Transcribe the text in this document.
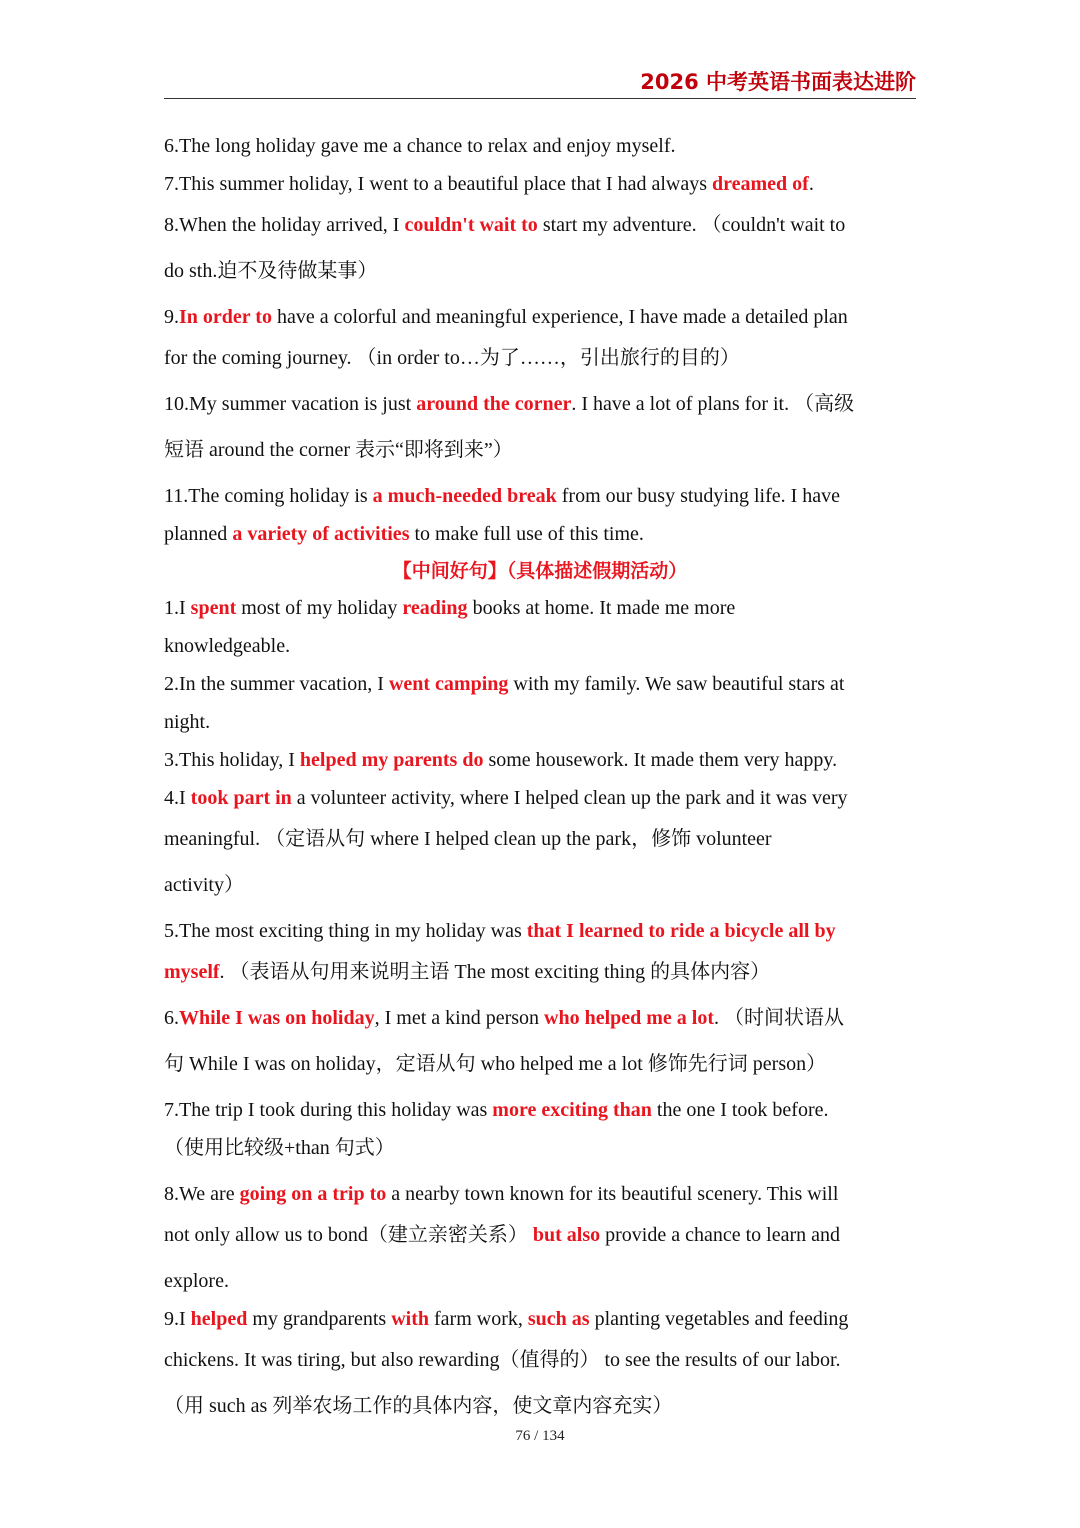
2026 中考英语书面表达进阶
6.The long holiday gave me a chance to relax and enjoy myself.
7.This summer holiday, I went to a beautiful place that I had always dreamed of.
8.When the holiday arrived, I couldn't wait to start my adventure. （couldn't wait to
do sth.迫不及待做某事）
9.In order to have a colorful and meaningful experience, I have made a detailed plan
for the coming journey. （in order to…为了……，引出旅行的目的）
10.My summer vacation is just around the corner. I have a lot of plans for it. （高级
短语 around the corner 表示“即将到来”）
11.The coming holiday is a much-needed break from our busy studying life. I have
planned a variety of activities to make full use of this time.
【中间好句】（具体描述假期活动）
1.I spent most of my holiday reading books at home. It made me more
knowledgeable.
2.In the summer vacation, I went camping with my family. We saw beautiful stars at
night.
3.This holiday, I helped my parents do some housework. It made them very happy.
4.I took part in a volunteer activity, where I helped clean up the park and it was very
meaningful. （定语从句 where I helped clean up the park，修饰 volunteer
activity）
5.The most exciting thing in my holiday was that I learned to ride a bicycle all by
myself. （表语从句用来说明主语 The most exciting thing 的具体内容）
6.While I was on holiday, I met a kind person who helped me a lot. （时间状语从
句 While I was on holiday，定语从句 who helped me a lot 修饰先行词 person）
7.The trip I took during this holiday was more exciting than the one I took before.
（使用比较级+than 句式）
8.We are going on a trip to a nearby town known for its beautiful scenery. This will
not only allow us to bond（建立亲密关系） but also provide a chance to learn and
explore.
9.I helped my grandparents with farm work, such as planting vegetables and feeding
chickens. It was tiring, but also rewarding（值得的） to see the results of our labor.
（用 such as 列举农场工作的具体内容，使文章内容充实）
76 / 134
